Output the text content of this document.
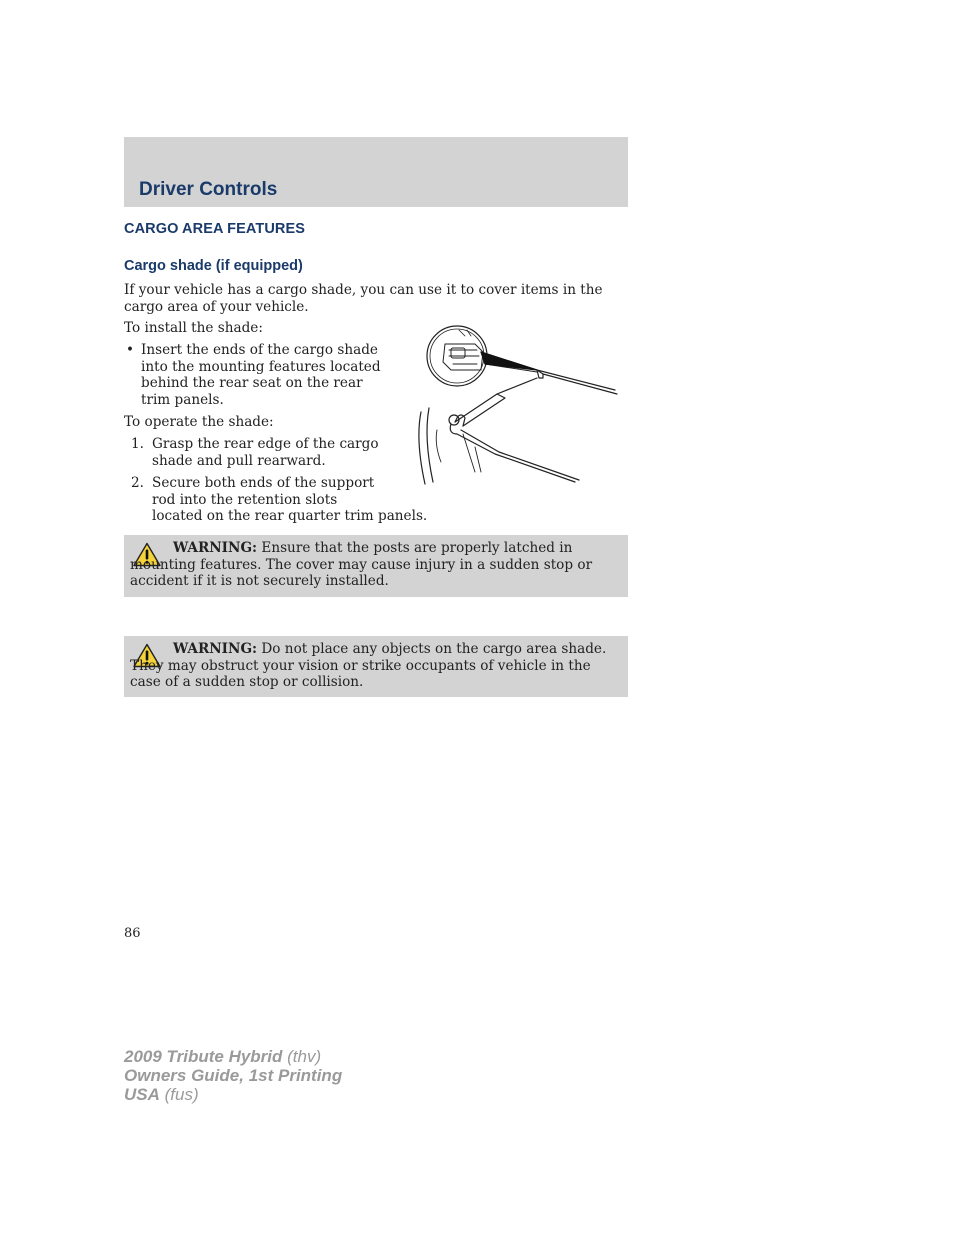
Driver Controls
CARGO AREA FEATURES
Cargo shade (if equipped)

If your vehicle has a cargo shade, you can use it to cover items in the cargo area of your vehicle.

To install the shade:

• Insert the ends of the cargo shade into the mounting features located behind the rear seat on the rear trim panels.

To operate the shade:

1. Grasp the rear edge of the cargo
shade and pull rearward.
2. Secure both ends of the support
rod into the retention slots
located on the rear quarter trim panels.

WARNING: Ensure that the posts are properly latched in mounting features. The cover may cause injury in a sudden stop or accident if it is not securely installed.

WARNING: Do not place any objects on the cargo area shade. They may obstruct your vision or strike occupants of vehicle in the case of a sudden stop or collision.

86

2009 Tribute Hybrid (thv)
Owners Guide, 1st Printing
USA (fus)
